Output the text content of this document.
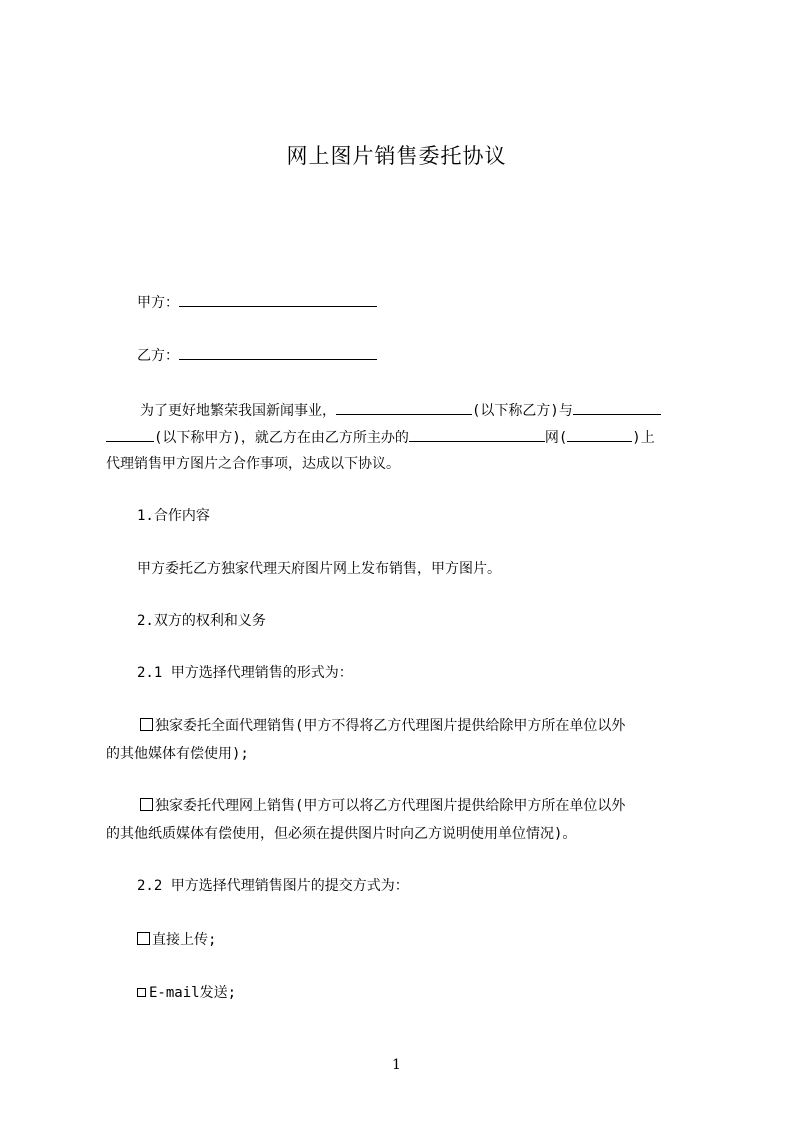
网上图片销售委托协议
甲方：
乙方：
为了更好地繁荣我国新闻事业，	(以下称乙方)与
(以下称甲方)，就乙方在由乙方所主办的	网(	)上
代理销售甲方图片之合作事项，达成以下协议。
1.合作内容
甲方委托乙方独家代理天府图片网上发布销售，甲方图片。
2.双方的权利和义务
2.1 甲方选择代理销售的形式为：
独家委托全面代理销售(甲方不得将乙方代理图片提供给除甲方所在单位以外
的其他媒体有偿使用);
独家委托代理网上销售(甲方可以将乙方代理图片提供给除甲方所在单位以外
的其他纸质媒体有偿使用，但必须在提供图片时向乙方说明使用单位情况)。
2.2 甲方选择代理销售图片的提交方式为：
直接上传;
E-mail发送;
1
